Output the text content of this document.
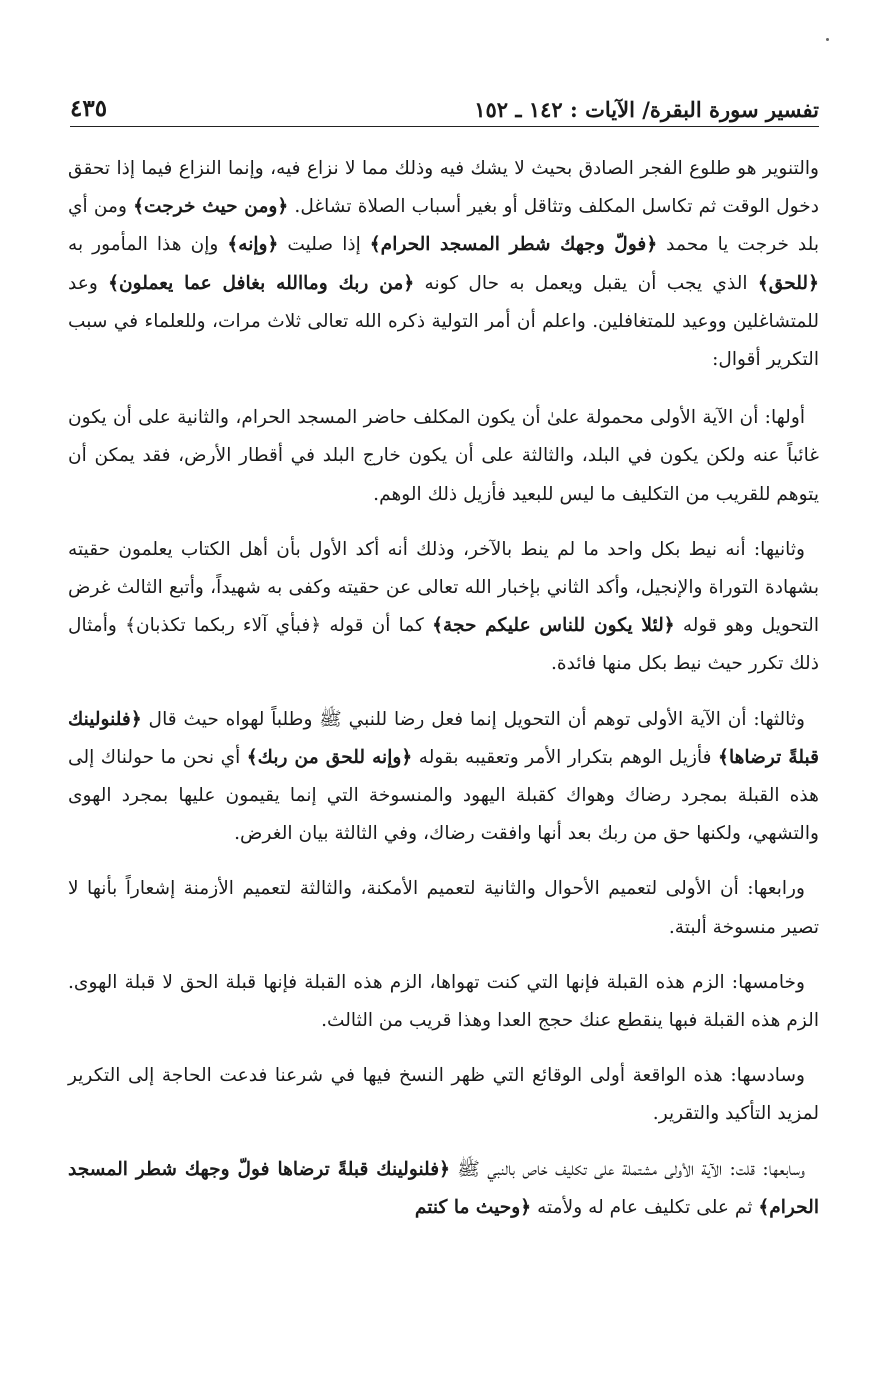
تفسير سورة البقرة/ الآيات : ١٤٢ ـ ١٥٢
٤٣٥

والتنوير هو طلوع الفجر الصادق بحيث لا يشك فيه وذلك مما لا نزاع فيه، وإنما النزاع فيما إذا تحقق دخول الوقت ثم تكاسل المكلف وتثاقل أو بغير أسباب الصلاة تشاغل. ﴿ومن حيث خرجت﴾ ومن أي بلد خرجت يا محمد ﴿فولّ وجهك شطر المسجد الحرام﴾ إذا صليت ﴿وإنه﴾ وإن هذا المأمور به ﴿للحق﴾ الذي يجب أن يقبل ويعمل به حال كونه ﴿من ربك وماالله بغافل عما يعملون﴾ وعد للمتشاغلين ووعيد للمتغافلين. واعلم أن أمر التولية ذكره الله تعالى ثلاث مرات، وللعلماء في سبب التكرير أقوال:

أولها: أن الآية الأولى محمولة علىٰ أن يكون المكلف حاضر المسجد الحرام، والثانية على أن يكون غائباً عنه ولكن يكون في البلد، والثالثة على أن يكون خارج البلد في أقطار الأرض، فقد يمكن أن يتوهم للقريب من التكليف ما ليس للبعيد فأزيل ذلك الوهم.

وثانيها: أنه نيط بكل واحد ما لم ينط بالآخر، وذلك أنه أكد الأول بأن أهل الكتاب يعلمون حقيته بشهادة التوراة والإنجيل، وأكد الثاني بإخبار الله تعالى عن حقيته وكفى به شهيداً، وأتبع الثالث غرض التحويل وهو قوله ﴿لئلا يكون للناس عليكم حجة﴾ كما أن قوله ﴿فبأي آلاء ربكما تكذبان﴾ وأمثال ذلك تكرر حيث نيط بكل منها فائدة.

وثالثها: أن الآية الأولى توهم أن التحويل إنما فعل رضا للنبي ﷺ وطلباً لهواه حيث قال ﴿فلنولينك قبلةً ترضاها﴾ فأزيل الوهم بتكرار الأمر وتعقيبه بقوله ﴿وإنه للحق من ربك﴾ أي نحن ما حولناك إلى هذه القبلة بمجرد رضاك وهواك كقبلة اليهود والمنسوخة التي إنما يقيمون عليها بمجرد الهوى والتشهي، ولكنها حق من ربك بعد أنها وافقت رضاك، وفي الثالثة بيان الغرض.

ورابعها: أن الأولى لتعميم الأحوال والثانية لتعميم الأمكنة، والثالثة لتعميم الأزمنة إشعاراً بأنها لا تصير منسوخة ألبتة.

وخامسها: الزم هذه القبلة فإنها التي كنت تهواها، الزم هذه القبلة فإنها قبلة الحق لا قبلة الهوى. الزم هذه القبلة فبها ينقطع عنك حجج العدا وهذا قريب من الثالث.

وسادسها: هذه الواقعة أولى الوقائع التي ظهر النسخ فيها في شرعنا فدعت الحاجة إلى التكرير لمزيد التأكيد والتقرير.

وسابعها: قلت: الآية الأولى مشتملة على تكليف خاص بالنبي ﷺ ﴿فلنولينك قبلةً ترضاها فولّ وجهك شطر المسجد الحرام﴾ ثم على تكليف عام له ولأمته ﴿وحيث ما كنتم
